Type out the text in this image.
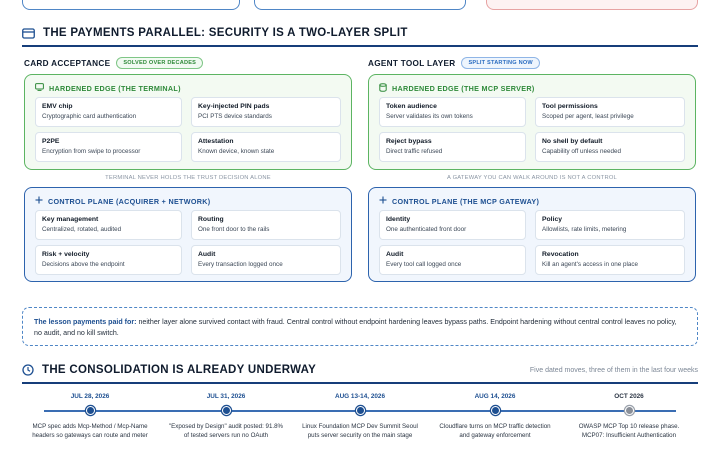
THE PAYMENTS PARALLEL: SECURITY IS A TWO-LAYER SPLIT
CARD ACCEPTANCE	SOLVED OVER DECADES	AGENT TOOL LAYER	SPLIT STARTING NOW
HARDENED EDGE (THE TERMINAL)
EMV chip
Cryptographic card authentication
Key-injected PIN pads
PCI PTS device standards
P2PE
Encryption from swipe to processor
Attestation
Known device, known state
TERMINAL NEVER HOLDS THE TRUST DECISION ALONE
HARDENED EDGE (THE MCP SERVER)
Token audience
Server validates its own tokens
Tool permissions
Scoped per agent, least privilege
Reject bypass
Direct traffic refused
No shell by default
Capability off unless needed
A GATEWAY YOU CAN WALK AROUND IS NOT A CONTROL
CONTROL PLANE (ACQUIRER + NETWORK)
Key management
Centralized, rotated, audited
Routing
One front door to the rails
Risk + velocity
Decisions above the endpoint
Audit
Every transaction logged once
CONTROL PLANE (THE MCP GATEWAY)
Identity
One authenticated front door
Policy
Allowlists, rate limits, metering
Audit
Every tool call logged once
Revocation
Kill an agent's access in one place
The lesson payments paid for: neither layer alone survived contact with fraud. Central control without endpoint hardening leaves bypass paths. Endpoint hardening without central control leaves no policy, no audit, and no kill switch.
THE CONSOLIDATION IS ALREADY UNDERWAY	Five dated moves, three of them in the last four weeks
JUL 28, 2026	JUL 31, 2026	AUG 13-14, 2026	AUG 14, 2026	OCT 2026
MCP spec adds Mcp-Method / Mcp-Name headers so gateways can route and meter
"Exposed by Design" audit posted: 91.8% of tested servers run no OAuth
Linux Foundation MCP Dev Summit Seoul puts server security on the main stage
Cloudflare turns on MCP traffic detection and gateway enforcement
OWASP MCP Top 10 release phase. MCP07: Insufficient Authentication
